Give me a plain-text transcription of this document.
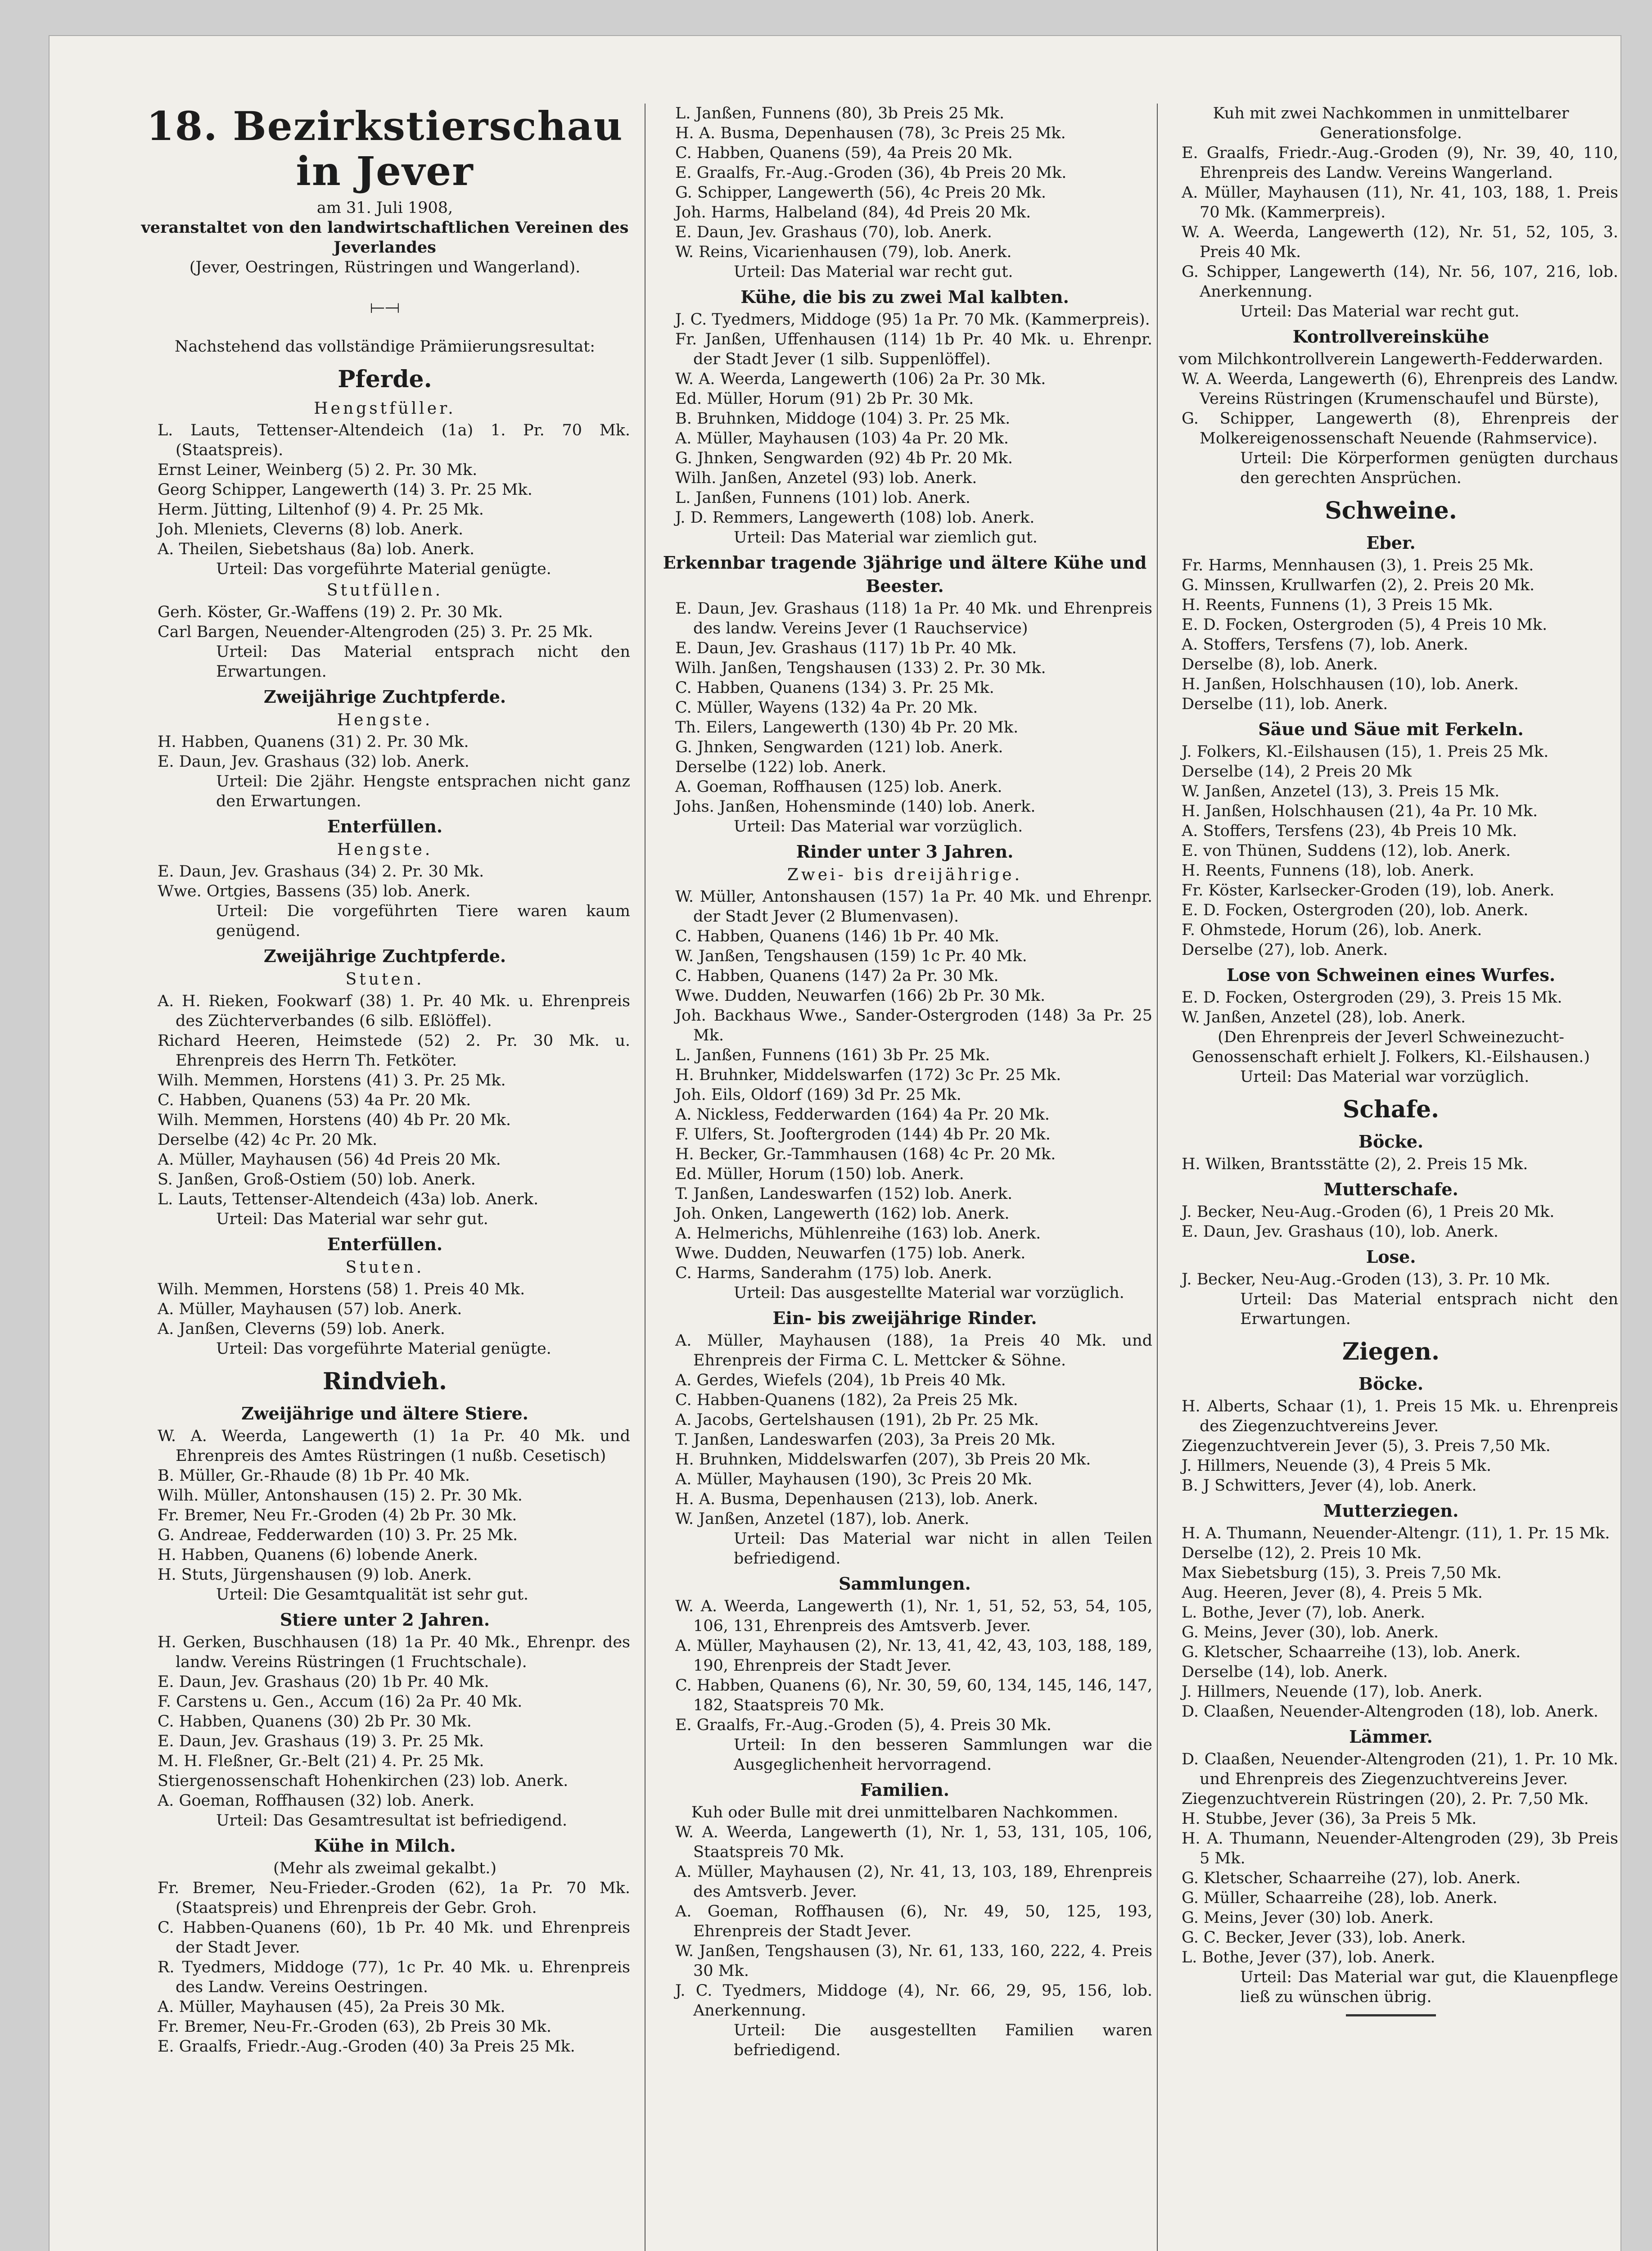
18. Bezirkstierschau in Jever

am 31. Juli 1908,

veranstaltet von den landwirtschaftlichen Vereinen des Jeverlandes

(Jever, Oestringen, Rüstringen und Wangerland).

⟝⟞

Nachstehend das vollständige Prämiierungsresultat:

Pferde.

Hengstfüller.

L. Lauts, Tettenser-Altendeich (1a) 1. Pr. 70 Mk. (Staatspreis).

Ernst Leiner, Weinberg (5) 2. Pr. 30 Mk.

Georg Schipper, Langewerth (14) 3. Pr. 25 Mk.

Herm. Jütting, Liltenhof (9) 4. Pr. 25 Mk.

Joh. Mleniets, Cleverns (8) lob. Anerk.

A. Theilen, Siebetshaus (8a) lob. Anerk.

Urteil: Das vorgeführte Material genügte.

Stutfüllen.

Gerh. Köster, Gr.-Waffens (19) 2. Pr. 30 Mk.

Carl Bargen, Neuender-Altengroden (25) 3. Pr. 25 Mk.

Urteil: Das Material entsprach nicht den Erwartungen.

Zweijährige Zuchtpferde.

Hengste.

H. Habben, Quanens (31) 2. Pr. 30 Mk.

E. Daun, Jev. Grashaus (32) lob. Anerk.

Urteil: Die 2jähr. Hengste entsprachen nicht ganz den Erwartungen.

Enterfüllen.

Hengste.

E. Daun, Jev. Grashaus (34) 2. Pr. 30 Mk.

Wwe. Ortgies, Bassens (35) lob. Anerk.

Urteil: Die vorgeführten Tiere waren kaum genügend.

Zweijährige Zuchtpferde.

Stuten.

A. H. Rieken, Fookwarf (38) 1. Pr. 40 Mk. u. Ehrenpreis des Züchterverbandes (6 silb. Eßlöffel).

Richard Heeren, Heimstede (52) 2. Pr. 30 Mk. u. Ehrenpreis des Herrn Th. Fetköter.

Wilh. Memmen, Horstens (41) 3. Pr. 25 Mk.

C. Habben, Quanens (53) 4a Pr. 20 Mk.

Wilh. Memmen, Horstens (40) 4b Pr. 20 Mk.

Derselbe (42) 4c Pr. 20 Mk.

A. Müller, Mayhausen (56) 4d Preis 20 Mk.

S. Janßen, Groß-Ostiem (50) lob. Anerk.

L. Lauts, Tettenser-Altendeich (43a) lob. Anerk.

Urteil: Das Material war sehr gut.

Enterfüllen.

Stuten.

Wilh. Memmen, Horstens (58) 1. Preis 40 Mk.

A. Müller, Mayhausen (57) lob. Anerk.

A. Janßen, Cleverns (59) lob. Anerk.

Urteil: Das vorgeführte Material genügte.

Rindvieh.

Zweijährige und ältere Stiere.

W. A. Weerda, Langewerth (1) 1a Pr. 40 Mk. und Ehrenpreis des Amtes Rüstringen (1 nußb. Cesetisch)

B. Müller, Gr.-Rhaude (8) 1b Pr. 40 Mk.

Wilh. Müller, Antonshausen (15) 2. Pr. 30 Mk.

Fr. Bremer, Neu Fr.-Groden (4) 2b Pr. 30 Mk.

G. Andreae, Fedderwarden (10) 3. Pr. 25 Mk.

H. Habben, Quanens (6) lobende Anerk.

H. Stuts, Jürgenshausen (9) lob. Anerk.

Urteil: Die Gesamtqualität ist sehr gut.

Stiere unter 2 Jahren.

H. Gerken, Buschhausen (18) 1a Pr. 40 Mk., Ehrenpr. des landw. Vereins Rüstringen (1 Fruchtschale).

E. Daun, Jev. Grashaus (20) 1b Pr. 40 Mk.

F. Carstens u. Gen., Accum (16) 2a Pr. 40 Mk.

C. Habben, Quanens (30) 2b Pr. 30 Mk.

E. Daun, Jev. Grashaus (19) 3. Pr. 25 Mk.

M. H. Fleßner, Gr.-Belt (21) 4. Pr. 25 Mk.

Stiergenossenschaft Hohenkirchen (23) lob. Anerk.

A. Goeman, Roffhausen (32) lob. Anerk.

Urteil: Das Gesamtresultat ist befriedigend.

Kühe in Milch.

(Mehr als zweimal gekalbt.)

Fr. Bremer, Neu-Frieder.-Groden (62), 1a Pr. 70 Mk. (Staatspreis) und Ehrenpreis der Gebr. Groh.

C. Habben-Quanens (60), 1b Pr. 40 Mk. und Ehrenpreis der Stadt Jever.

R. Tyedmers, Middoge (77), 1c Pr. 40 Mk. u. Ehrenpreis des Landw. Vereins Oestringen.

A. Müller, Mayhausen (45), 2a Preis 30 Mk.

Fr. Bremer, Neu-Fr.-Groden (63), 2b Preis 30 Mk.

E. Graalfs, Friedr.-Aug.-Groden (40) 3a Preis 25 Mk.

L. Janßen, Funnens (80), 3b Preis 25 Mk.

H. A. Busma, Depenhausen (78), 3c Preis 25 Mk.

C. Habben, Quanens (59), 4a Preis 20 Mk.

E. Graalfs, Fr.-Aug.-Groden (36), 4b Preis 20 Mk.

G. Schipper, Langewerth (56), 4c Preis 20 Mk.

Joh. Harms, Halbeland (84), 4d Preis 20 Mk.

E. Daun, Jev. Grashaus (70), lob. Anerk.

W. Reins, Vicarienhausen (79), lob. Anerk.

Urteil: Das Material war recht gut.

Kühe, die bis zu zwei Mal kalbten.

J. C. Tyedmers, Middoge (95) 1a Pr. 70 Mk. (Kammerpreis).

Fr. Janßen, Uffenhausen (114) 1b Pr. 40 Mk. u. Ehrenpr. der Stadt Jever (1 silb. Suppenlöffel).

W. A. Weerda, Langewerth (106) 2a Pr. 30 Mk.

Ed. Müller, Horum (91) 2b Pr. 30 Mk.

B. Bruhnken, Middoge (104) 3. Pr. 25 Mk.

A. Müller, Mayhausen (103) 4a Pr. 20 Mk.

G. Jhnken, Sengwarden (92) 4b Pr. 20 Mk.

Wilh. Janßen, Anzetel (93) lob. Anerk.

L. Janßen, Funnens (101) lob. Anerk.

J. D. Remmers, Langewerth (108) lob. Anerk.

Urteil: Das Material war ziemlich gut.

Erkennbar tragende 3jährige und ältere Kühe und Beester.

E. Daun, Jev. Grashaus (118) 1a Pr. 40 Mk. und Ehrenpreis des landw. Vereins Jever (1 Rauchservice)

E. Daun, Jev. Grashaus (117) 1b Pr. 40 Mk.

Wilh. Janßen, Tengshausen (133) 2. Pr. 30 Mk.

C. Habben, Quanens (134) 3. Pr. 25 Mk.

C. Müller, Wayens (132) 4a Pr. 20 Mk.

Th. Eilers, Langewerth (130) 4b Pr. 20 Mk.

G. Jhnken, Sengwarden (121) lob. Anerk.

Derselbe (122) lob. Anerk.

A. Goeman, Roffhausen (125) lob. Anerk.

Johs. Janßen, Hohensminde (140) lob. Anerk.

Urteil: Das Material war vorzüglich.

Rinder unter 3 Jahren.

Zwei- bis dreijährige.

W. Müller, Antonshausen (157) 1a Pr. 40 Mk. und Ehrenpr. der Stadt Jever (2 Blumenvasen).

C. Habben, Quanens (146) 1b Pr. 40 Mk.

W. Janßen, Tengshausen (159) 1c Pr. 40 Mk.

C. Habben, Quanens (147) 2a Pr. 30 Mk.

Wwe. Dudden, Neuwarfen (166) 2b Pr. 30 Mk.

Joh. Backhaus Wwe., Sander-Ostergroden (148) 3a Pr. 25 Mk.

L. Janßen, Funnens (161) 3b Pr. 25 Mk.

H. Bruhnker, Middelswarfen (172) 3c Pr. 25 Mk.

Joh. Eils, Oldorf (169) 3d Pr. 25 Mk.

A. Nickless, Fedderwarden (164) 4a Pr. 20 Mk.

F. Ulfers, St. Jooftergroden (144) 4b Pr. 20 Mk.

H. Becker, Gr.-Tammhausen (168) 4c Pr. 20 Mk.

Ed. Müller, Horum (150) lob. Anerk.

T. Janßen, Landeswarfen (152) lob. Anerk.

Joh. Onken, Langewerth (162) lob. Anerk.

A. Helmerichs, Mühlenreihe (163) lob. Anerk.

Wwe. Dudden, Neuwarfen (175) lob. Anerk.

C. Harms, Sanderahm (175) lob. Anerk.

Urteil: Das ausgestellte Material war vorzüglich.

Ein- bis zweijährige Rinder.

A. Müller, Mayhausen (188), 1a Preis 40 Mk. und Ehrenpreis der Firma C. L. Mettcker & Söhne.

A. Gerdes, Wiefels (204), 1b Preis 40 Mk.

C. Habben-Quanens (182), 2a Preis 25 Mk.

A. Jacobs, Gertelshausen (191), 2b Pr. 25 Mk.

T. Janßen, Landeswarfen (203), 3a Preis 20 Mk.

H. Bruhnken, Middelswarfen (207), 3b Preis 20 Mk.

A. Müller, Mayhausen (190), 3c Preis 20 Mk.

H. A. Busma, Depenhausen (213), lob. Anerk.

W. Janßen, Anzetel (187), lob. Anerk.

Urteil: Das Material war nicht in allen Teilen befriedigend.

Sammlungen.

W. A. Weerda, Langewerth (1), Nr. 1, 51, 52, 53, 54, 105, 106, 131, Ehrenpreis des Amtsverb. Jever.

A. Müller, Mayhausen (2), Nr. 13, 41, 42, 43, 103, 188, 189, 190, Ehrenpreis der Stadt Jever.

C. Habben, Quanens (6), Nr. 30, 59, 60, 134, 145, 146, 147, 182, Staatspreis 70 Mk.

E. Graalfs, Fr.-Aug.-Groden (5), 4. Preis 30 Mk.

Urteil: In den besseren Sammlungen war die Ausgeglichenheit hervorragend.

Familien.

Kuh oder Bulle mit drei unmittelbaren Nachkommen.

W. A. Weerda, Langewerth (1), Nr. 1, 53, 131, 105, 106, Staatspreis 70 Mk.

A. Müller, Mayhausen (2), Nr. 41, 13, 103, 189, Ehrenpreis des Amtsverb. Jever.

A. Goeman, Roffhausen (6), Nr. 49, 50, 125, 193, Ehrenpreis der Stadt Jever.

W. Janßen, Tengshausen (3), Nr. 61, 133, 160, 222, 4. Preis 30 Mk.

J. C. Tyedmers, Middoge (4), Nr. 66, 29, 95, 156, lob. Anerkennung.

Urteil: Die ausgestellten Familien waren befriedigend.

Kuh mit zwei Nachkommen in unmittelbarer Generationsfolge.

E. Graalfs, Friedr.-Aug.-Groden (9), Nr. 39, 40, 110, Ehrenpreis des Landw. Vereins Wangerland.

A. Müller, Mayhausen (11), Nr. 41, 103, 188, 1. Preis 70 Mk. (Kammerpreis).

W. A. Weerda, Langewerth (12), Nr. 51, 52, 105, 3. Preis 40 Mk.

G. Schipper, Langewerth (14), Nr. 56, 107, 216, lob. Anerkennung.

Urteil: Das Material war recht gut.

Kontrollvereinskühe

vom Milchkontrollverein Langewerth-Fedderwarden.

W. A. Weerda, Langewerth (6), Ehrenpreis des Landw. Vereins Rüstringen (Krumenschaufel und Bürste),

G. Schipper, Langewerth (8), Ehrenpreis der Molkereigenossenschaft Neuende (Rahmservice).

Urteil: Die Körperformen genügten durchaus den gerechten Ansprüchen.

Schweine.

Eber.

Fr. Harms, Mennhausen (3), 1. Preis 25 Mk.

G. Minssen, Krullwarfen (2), 2. Preis 20 Mk.

H. Reents, Funnens (1), 3 Preis 15 Mk.

E. D. Focken, Ostergroden (5), 4 Preis 10 Mk.

A. Stoffers, Tersfens (7), lob. Anerk.

Derselbe (8), lob. Anerk.

H. Janßen, Holschhausen (10), lob. Anerk.

Derselbe (11), lob. Anerk.

Säue und Säue mit Ferkeln.

J. Folkers, Kl.-Eilshausen (15), 1. Preis 25 Mk.

Derselbe (14), 2 Preis 20 Mk

W. Janßen, Anzetel (13), 3. Preis 15 Mk.

H. Janßen, Holschhausen (21), 4a Pr. 10 Mk.

A. Stoffers, Tersfens (23), 4b Preis 10 Mk.

E. von Thünen, Suddens (12), lob. Anerk.

H. Reents, Funnens (18), lob. Anerk.

Fr. Köster, Karlsecker-Groden (19), lob. Anerk.

E. D. Focken, Ostergroden (20), lob. Anerk.

F. Ohmstede, Horum (26), lob. Anerk.

Derselbe (27), lob. Anerk.

Lose von Schweinen eines Wurfes.

E. D. Focken, Ostergroden (29), 3. Preis 15 Mk.

W. Janßen, Anzetel (28), lob. Anerk.

(Den Ehrenpreis der Jeverl Schweinezucht-Genossenschaft erhielt J. Folkers, Kl.-Eilshausen.)

Urteil: Das Material war vorzüglich.

Schafe.

Böcke.

H. Wilken, Brantsstätte (2), 2. Preis 15 Mk.

Mutterschafe.

J. Becker, Neu-Aug.-Groden (6), 1 Preis 20 Mk.

E. Daun, Jev. Grashaus (10), lob. Anerk.

Lose.

J. Becker, Neu-Aug.-Groden (13), 3. Pr. 10 Mk.

Urteil: Das Material entsprach nicht den Erwartungen.

Ziegen.

Böcke.

H. Alberts, Schaar (1), 1. Preis 15 Mk. u. Ehrenpreis des Ziegenzuchtvereins Jever.

Ziegenzuchtverein Jever (5), 3. Preis 7,50 Mk.

J. Hillmers, Neuende (3), 4 Preis 5 Mk.

B. J Schwitters, Jever (4), lob. Anerk.

Mutterziegen.

H. A. Thumann, Neuender-Altengr. (11), 1. Pr. 15 Mk.

Derselbe (12), 2. Preis 10 Mk.

Max Siebetsburg (15), 3. Preis 7,50 Mk.

Aug. Heeren, Jever (8), 4. Preis 5 Mk.

L. Bothe, Jever (7), lob. Anerk.

G. Meins, Jever (30), lob. Anerk.

G. Kletscher, Schaarreihe (13), lob. Anerk.

Derselbe (14), lob. Anerk.

J. Hillmers, Neuende (17), lob. Anerk.

D. Claaßen, Neuender-Altengroden (18), lob. Anerk.

Lämmer.

D. Claaßen, Neuender-Altengroden (21), 1. Pr. 10 Mk. und Ehrenpreis des Ziegenzuchtvereins Jever.

Ziegenzuchtverein Rüstringen (20), 2. Pr. 7,50 Mk.

H. Stubbe, Jever (36), 3a Preis 5 Mk.

H. A. Thumann, Neuender-Altengroden (29), 3b Preis 5 Mk.

G. Kletscher, Schaarreihe (27), lob. Anerk.

G. Müller, Schaarreihe (28), lob. Anerk.

G. Meins, Jever (30) lob. Anerk.

G. C. Becker, Jever (33), lob. Anerk.

L. Bothe, Jever (37), lob. Anerk.

Urteil: Das Material war gut, die Klauenpflege ließ zu wünschen übrig.
